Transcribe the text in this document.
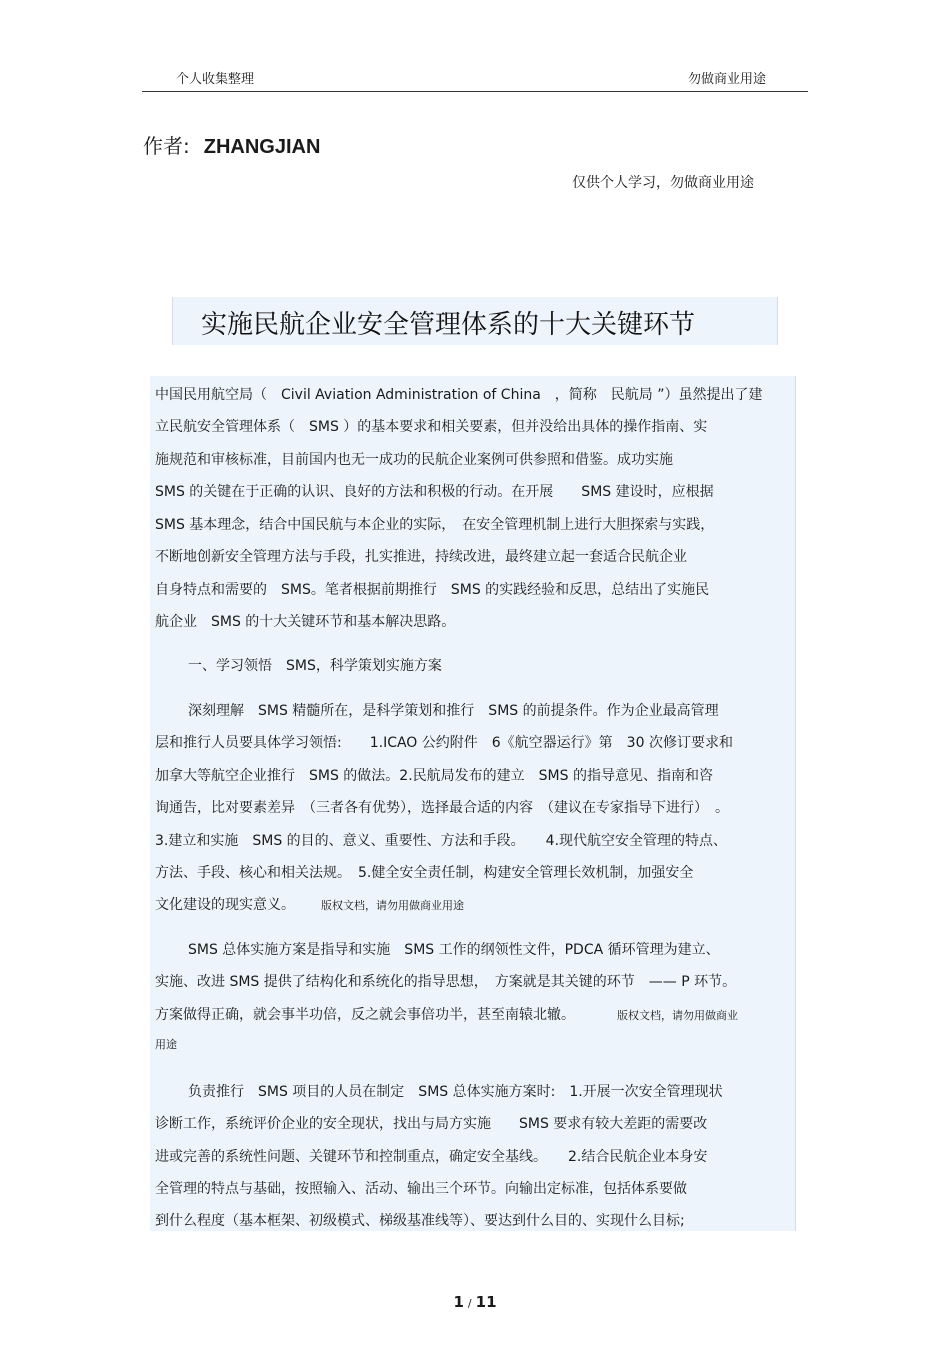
个人收集整理	勿做商业用途
作者: ZHANGJIAN
仅供个人学习，勿做商业用途
实施民航企业安全管理体系的十大关键环节
中国民用航空局（　Civil Aviation Administration of China　，简称　民航局 ”）虽然提出了建
立民航安全管理体系（　SMS ）的基本要求和相关要素，但并没给出具体的操作指南、实
施规范和审核标准，目前国内也无一成功的民航企业案例可供参照和借鉴。成功实施
SMS 的关键在于正确的认识、良好的方法和积极的行动。在开展　　SMS 建设时，应根据
SMS 基本理念，结合中国民航与本企业的实际，　在安全管理机制上进行大胆探索与实践，
不断地创新安全管理方法与手段，扎实推进，持续改进，最终建立起一套适合民航企业
自身特点和需要的　SMS。笔者根据前期推行　SMS 的实践经验和反思，总结出了实施民
航企业　SMS 的十大关键环节和基本解决思路。
一、学习领悟　SMS，科学策划实施方案
深刻理解　SMS 精髓所在，是科学策划和推行　SMS 的前提条件。作为企业最高管理
层和推行人员要具体学习领悟:　　1.ICAO 公约附件　6《航空器运行》第　30 次修订要求和
加拿大等航空企业推行　SMS 的做法。2.民航局发布的建立　SMS 的指导意见、指南和咨
询通告，比对要素差异　（三者各有优势），选择最合适的内容　（建议在专家指导下进行）　。
3.建立和实施　SMS 的目的、意义、重要性、方法和手段。　　4.现代航空安全管理的特点、
方法、手段、核心和相关法规。　5.健全安全责任制，构建安全管理长效机制，加强安全
文化建设的现实意义。 版权文档，请勿用做商业用途
SMS 总体实施方案是指导和实施　SMS 工作的纲领性文件，PDCA 循环管理为建立、
实施、改进 SMS 提供了结构化和系统化的指导思想，　方案就是其关键的环节　—— P 环节。
方案做得正确，就会事半功倍，反之就会事倍功半，甚至南辕北辙。	版权文档，请勿用做商业
用途
负责推行　SMS 项目的人员在制定　SMS 总体实施方案时:　1.开展一次安全管理现状
诊断工作，系统评价企业的安全现状，找出与局方实施　　SMS 要求有较大差距的需要改
进或完善的系统性问题、关键环节和控制重点，确定安全基线。　　2.结合民航企业本身安
全管理的特点与基础，按照输入、活动、输出三个环节。向输出定标准，包括体系要做
到什么程度（基本框架、初级模式、梯级基准线等）、要达到什么目的、实现什么目标;
1 / 11
